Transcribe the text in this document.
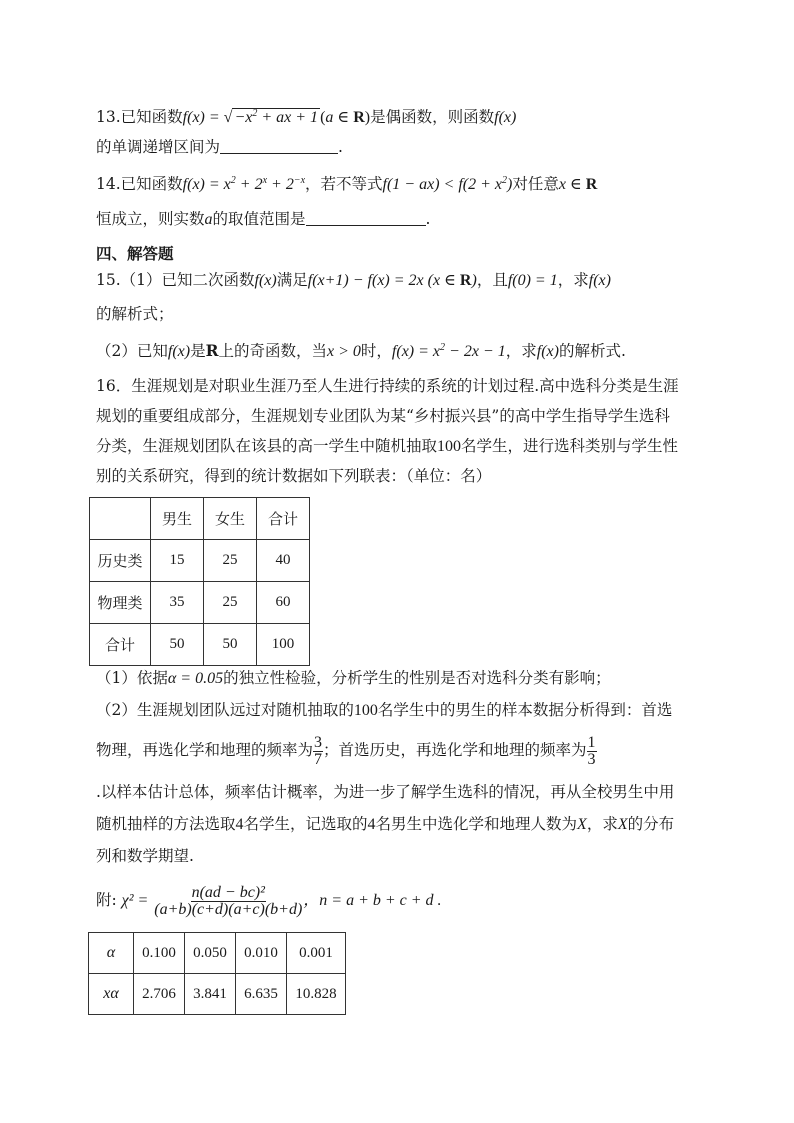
13.已知函数f(x) = √ $-x^2$ + ax + 1 (a ∈ R)是偶函数，则函数f(x)
的单调递增区间为	.
14.已知函数$f(x) = x^2 + 2^x + 2^{-x}$，若不等式$f(1 - ax) < f(2 + x^2)$对任意x ∈ R
恒成立，则实数a的取值范围是	.
四、解答题
15.（1）已知二次函数f(x)满足f(x+1) − f(x) = 2x (x ∈ R)，且f(0) = 1，求f(x)
的解析式；
（2）已知f(x)是R上的奇函数，当x > 0时，$f(x) = x^2 - 2x - 1$，求f(x)的解析式.
16．生涯规划是对职业生涯乃至人生进行持续的系统的计划过程.高中选科分类是生涯
规划的重要组成部分，生涯规划专业团队为某“乡村振兴县”的高中学生指导学生选科
分类，生涯规划团队在该县的高一学生中随机抽取100名学生，进行选科类别与学生性
别的关系研究，得到的统计数据如下列联表：（单位：名）
	男生	女生	合计
历史类	15	25	40
物理类	35	25	60
合计	50	50	100
（1）依据α = 0.05的独立性检验，分析学生的性别是否对选科分类有影响；
（2）生涯规划团队远过对随机抽取的100名学生中的男生的样本数据分析得到：首选
物理，再选化学和地理的频率为 $\frac{3}{7}$ ；首选历史，再选化学和地理的频率为 $\frac{1}{3}$
.以样本估计总体，频率估计概率，为进一步了解学生选科的情况，再从全校男生中用
随机抽样的方法选取4名学生，记选取的4名男生中选化学和地理人数为X，求X的分布
列和数学期望.
附: $\chi^2 = \frac{\text{n(ad − bc)²}}{(a+b)(c+d)(a+c)(b+d)}$ ，n = a + b + c + d .
α	0.100	0.050	0.010	0.001
xα	2.706	3.841	6.635	10.828
